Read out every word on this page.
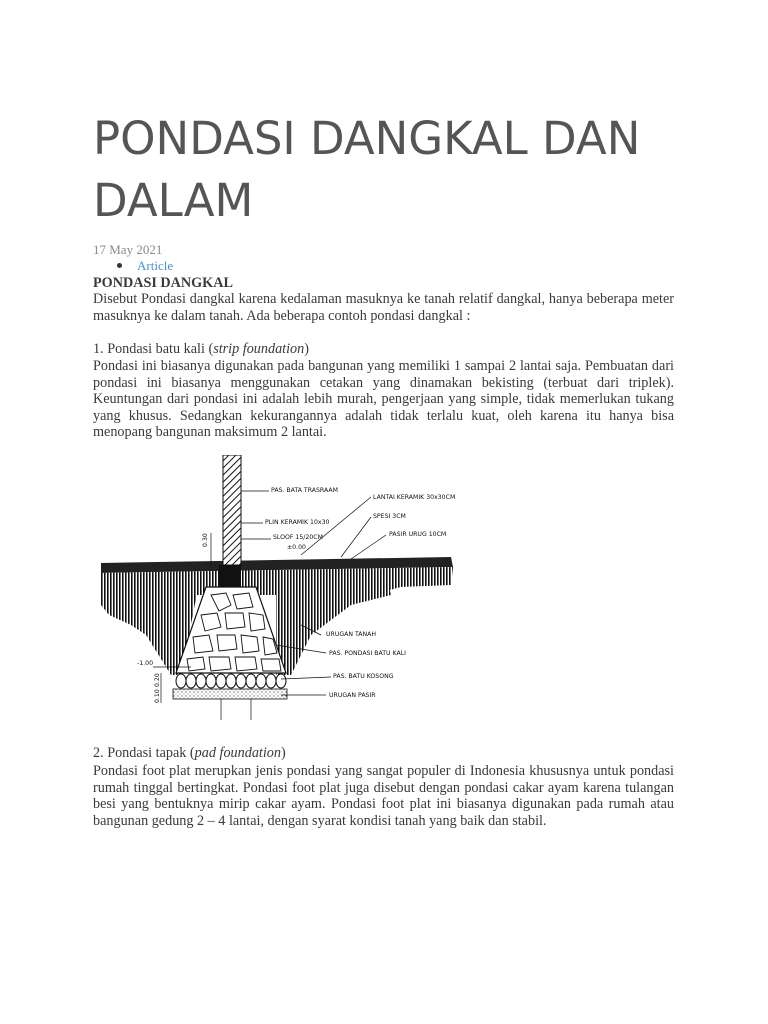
PONDASI DANGKAL DAN DALAM
17 May 2021
Article

PONDASI DANGKAL

Disebut Pondasi dangkal karena kedalaman masuknya ke tanah relatif dangkal, hanya beberapa meter masuknya ke dalam tanah. Ada beberapa contoh pondasi dangkal :

1. Pondasi batu kali (strip foundation)

Pondasi ini biasanya digunakan pada bangunan yang memiliki 1 sampai 2 lantai saja. Pembuatan dari pondasi ini biasanya menggunakan cetakan yang dinamakan bekisting (terbuat dari triplek). Keuntungan dari pondasi ini adalah lebih murah, pengerjaan yang simple, tidak memerlukan tukang yang khusus. Sedangkan kekurangannya adalah tidak terlalu kuat, oleh karena itu hanya bisa menopang bangunan maksimum 2 lantai.

PAS. BATA TRASRAAM
LANTAI KERAMIK 30x30CM
SPESI 3CM
PLIN KERAMIK 10x30
SLOOF 15/20CM	PASIR URUG 10CM
±0.00
0.30
URUGAN TANAH
PAS. PONDASI BATU KALI
-1.00
PAS. BATU KOSONG
0.20
0.10	URUGAN PASIR

2. Pondasi tapak (pad foundation)

Pondasi foot plat merupkan jenis pondasi yang sangat populer di Indonesia khususnya untuk pondasi rumah tinggal bertingkat. Pondasi foot plat juga disebut dengan pondasi cakar ayam karena tulangan besi yang bentuknya mirip cakar ayam. Pondasi foot plat ini biasanya digunakan pada rumah atau bangunan gedung 2 – 4 lantai, dengan syarat kondisi tanah yang baik dan stabil.
